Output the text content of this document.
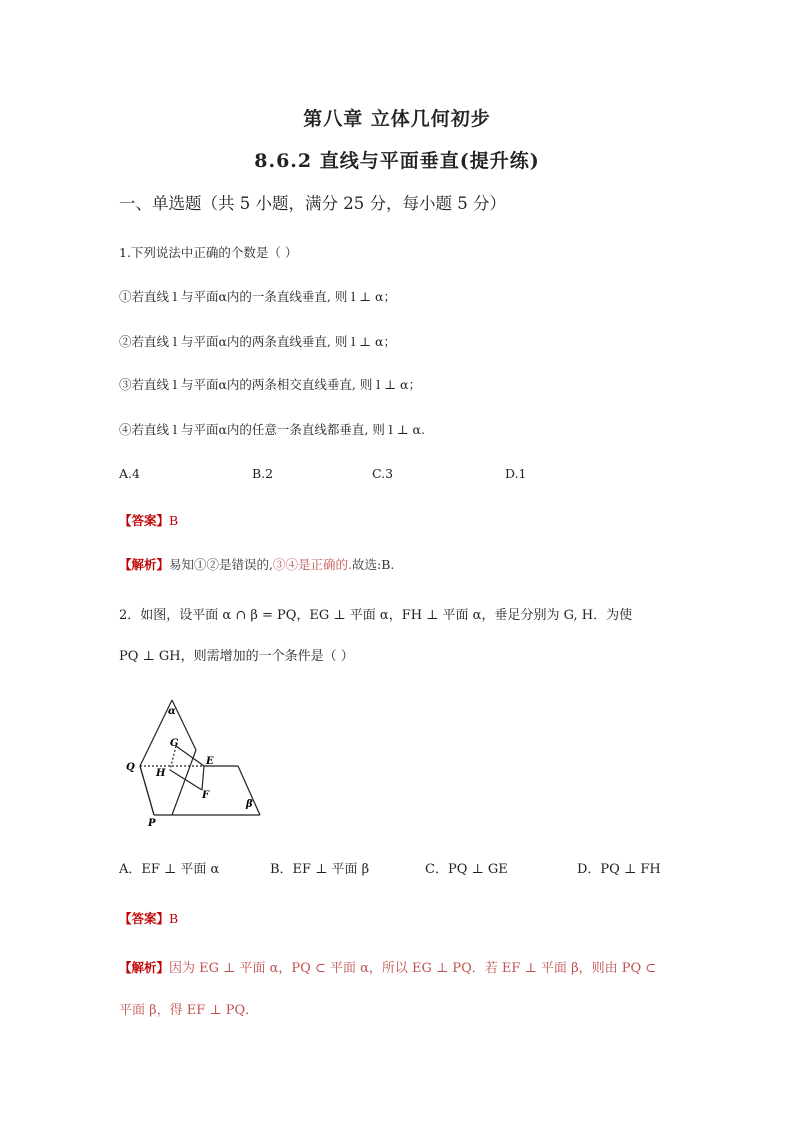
第八章 立体几何初步
8.6.2 直线与平面垂直(提升练)
一、单选题（共 5 小题，满分 25 分，每小题 5 分）
1.下列说法中正确的个数是（ ）
①若直线 l 与平面α内的一条直线垂直, 则 l ⊥ α；
②若直线 l 与平面α内的两条直线垂直, 则 l ⊥ α；
③若直线 l 与平面α内的两条相交直线垂直, 则 l ⊥ α；
④若直线 l 与平面α内的任意一条直线都垂直, 则 l ⊥ α.
A.4	B.2	C.3	D.1
【答案】B
【解析】易知①②是错误的,③④是正确的.故选:B.
2．如图，设平面 α ∩ β = PQ，EG ⊥ 平面 α，FH ⊥ 平面 α，垂足分别为 G, H．为使
PQ ⊥ GH，则需增加的一个条件是（ ）
α
G
Q
H
E
F
β
P
A．EF ⊥ 平面 α	B．EF ⊥ 平面 β	C．PQ ⊥ GE	D．PQ ⊥ FH
【答案】B
【解析】因为 EG ⊥ 平面 α，PQ ⊂ 平面 α，所以 EG ⊥ PQ．若 EF ⊥ 平面 β，则由 PQ ⊂
平面 β，得 EF ⊥ PQ．
